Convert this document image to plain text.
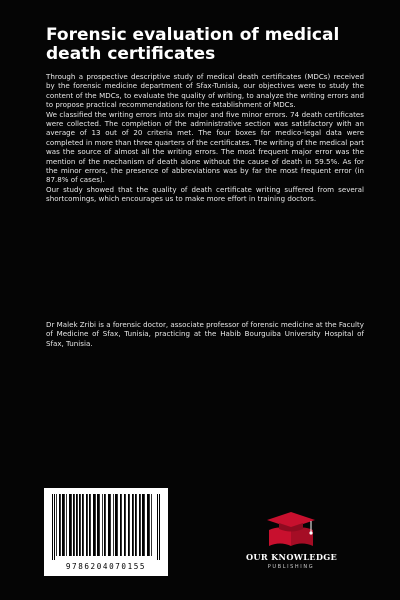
Forensic evaluation of medical death certificates

Through a prospective descriptive study of medical death certificates (MDCs) received by the forensic medicine department of Sfax-Tunisia, our objectives were to study the content of the MDCs, to evaluate the quality of writing, to analyze the writing errors and to propose practical recommendations for the establishment of MDCs.

We classified the writing errors into six major and five minor errors. 74 death certificates were collected. The completion of the administrative section was satisfactory with an average of 13 out of 20 criteria met. The four boxes for medico-legal data were completed in more than three quarters of the certificates. The writing of the medical part was the source of almost all the writing errors. The most frequent major error was the mention of the mechanism of death alone without the cause of death in 59.5%. As for the minor errors, the presence of abbreviations was by far the most frequent error (in 87.8% of cases).

Our study showed that the quality of death certificate writing suffered from several shortcomings, which encourages us to make more effort in training doctors.

Dr Malek Zribi is a forensic doctor, associate professor of forensic medicine at the Faculty of Medicine of Sfax, Tunisia, practicing at the Habib Bourguiba University Hospital of Sfax, Tunisia.

9786204070155
OUR KNOWLEDGE
PUBLISHING
